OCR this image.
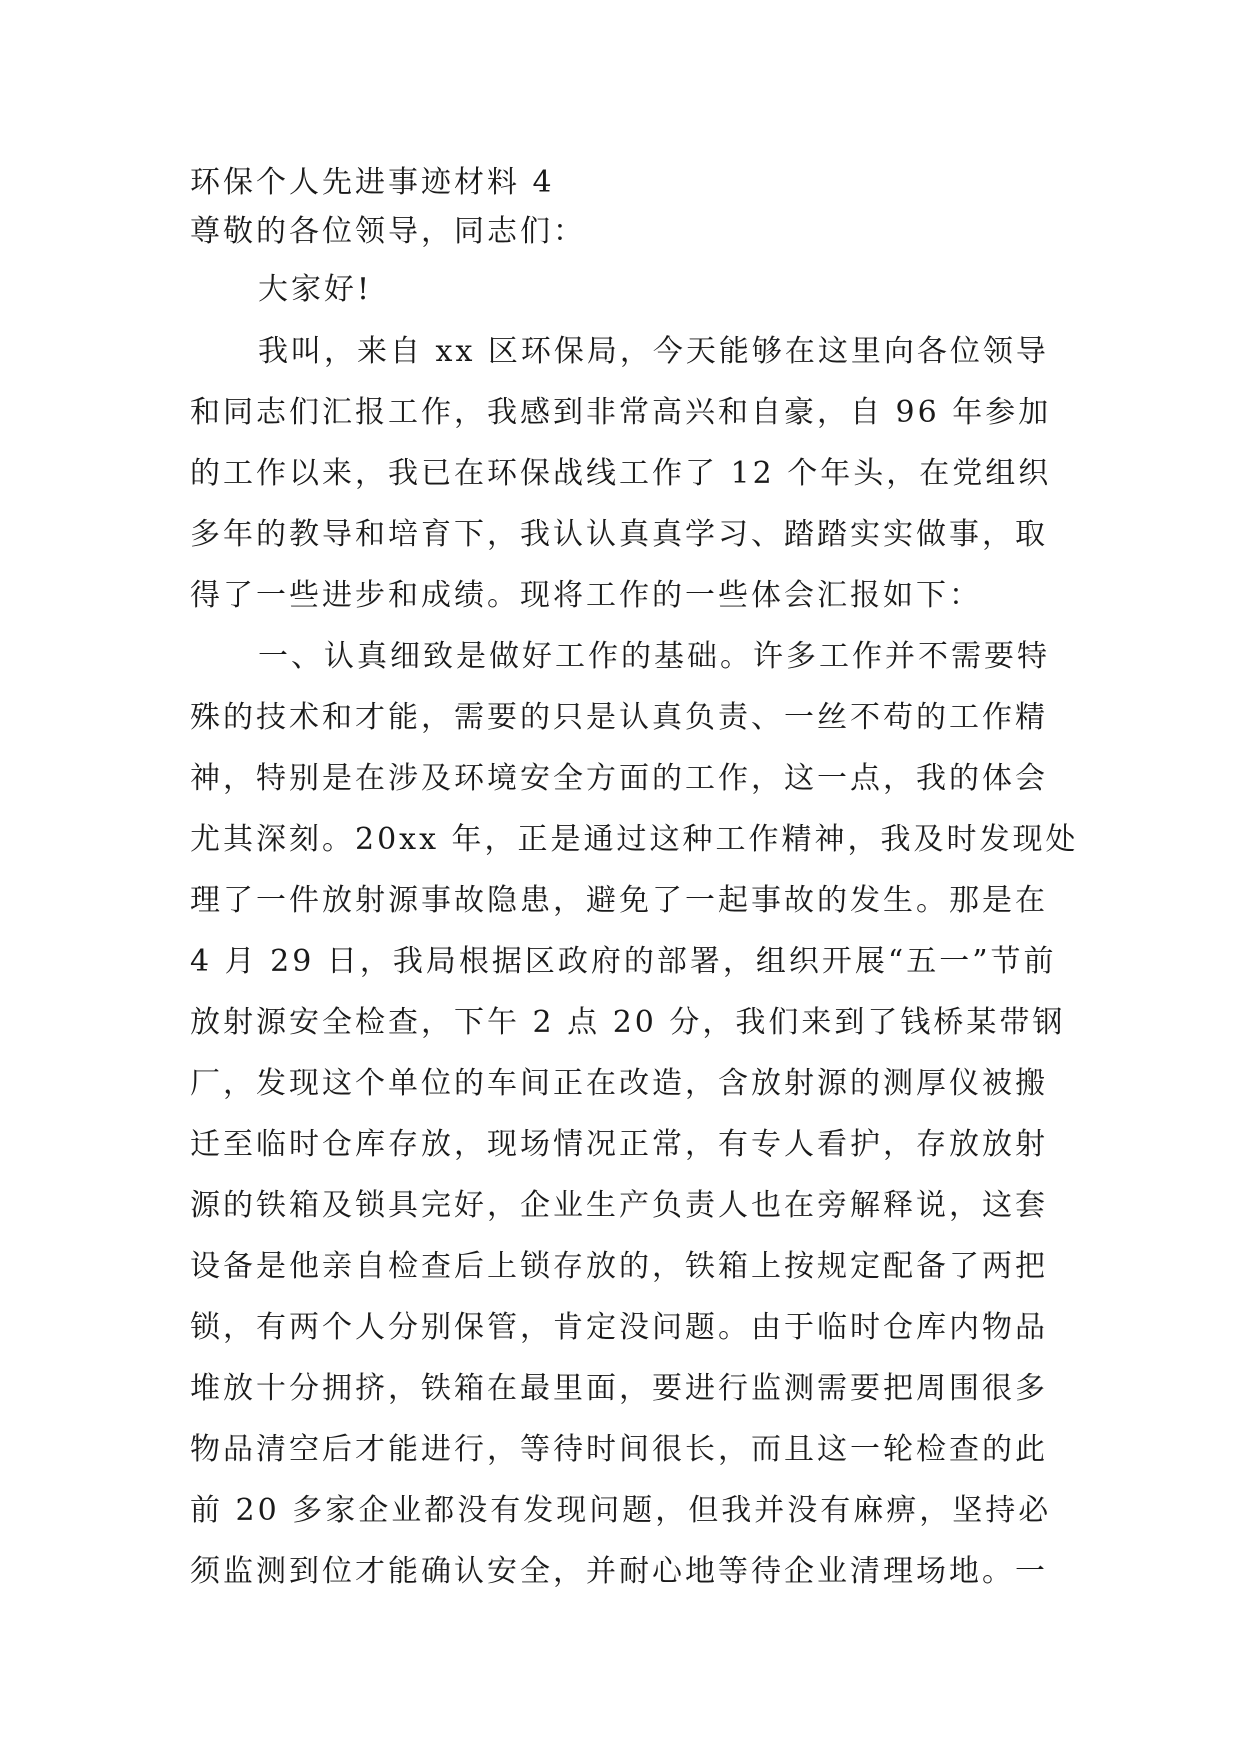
环保个人先进事迹材料 4
尊敬的各位领导，同志们：
大家好!
我叫，来自 xx 区环保局，今天能够在这里向各位领导
和同志们汇报工作，我感到非常高兴和自豪，自 96 年参加
的工作以来，我已在环保战线工作了 12 个年头，在党组织
多年的教导和培育下，我认认真真学习、踏踏实实做事，取
得了一些进步和成绩。现将工作的一些体会汇报如下：
一、认真细致是做好工作的基础。许多工作并不需要特
殊的技术和才能，需要的只是认真负责、一丝不苟的工作精
神，特别是在涉及环境安全方面的工作，这一点，我的体会
尤其深刻。20xx 年，正是通过这种工作精神，我及时发现处
理了一件放射源事故隐患，避免了一起事故的发生。那是在
4 月 29 日，我局根据区政府的部署，组织开展“五一”节前
放射源安全检查，下午 2 点 20 分，我们来到了钱桥某带钢
厂，发现这个单位的车间正在改造，含放射源的测厚仪被搬
迁至临时仓库存放，现场情况正常，有专人看护，存放放射
源的铁箱及锁具完好，企业生产负责人也在旁解释说，这套
设备是他亲自检查后上锁存放的，铁箱上按规定配备了两把
锁，有两个人分别保管，肯定没问题。由于临时仓库内物品
堆放十分拥挤，铁箱在最里面，要进行监测需要把周围很多
物品清空后才能进行，等待时间很长，而且这一轮检查的此
前 20 多家企业都没有发现问题，但我并没有麻痹，坚持必
须监测到位才能确认安全，并耐心地等待企业清理场地。一
